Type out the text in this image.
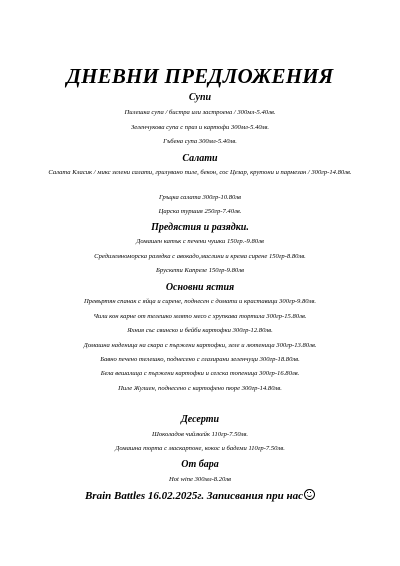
ДНЕВНИ ПРЕДЛОЖЕНИЯ
Супи
Пилешка супа / бистра или застроена / 300мл-5.40лв.
Зеленчукова супа с праз и картофи 300мл-5.40лв.
Гъбена супа 300мл-5.40лв.
Салати
Салата Класик / микс зелени салати, грилувано пиле, бекон, сос Цезар, крутони и пармезан / 300гр-14.80лв.
Гръцка салата 300гр-10.80лв
Царска туршия 250гр-7.40лв.
Предястия и разядки.
Домашен катък с печени чушки 150гр.-9.80лв
Средиземноморска разядка с авокадо,маслини и крема сирене 150гр-8.80лв.
Брускети Капрезе 150гр-9.80лв
Основни ястия
Превъртян спанак с яйца и сирене, поднесен с домати и краставици 300гр-9.80лв.
Чили кон карне от телешко млято месо с хрупкава тортила 300гр-15.80лв.
Яхния със свинско и бейби картофки 300гр-12.80лв.
Домашна наденица на скара с пържени картофки, зеле и лютеница 300гр-13.80лв.
Бавно печено телешко, поднесено с глазирани зеленчуци 300гр-18.80лв.
Бела вешалица с пържени картофки и селска топеница 300гр-16.80лв.
Пиле Жулиен, поднесено с картофено пюре 300гр-14.80лв.
Десерти
Шоколадов чийзкейк 110гр-7.50лв.
Домашна торта с маскарпоне, кокос и бадеми 110гр-7.50лв.
От бара
Hot wine 300мл-8.20лв
Brain Battles 16.02.2025г. Записвания при нас
